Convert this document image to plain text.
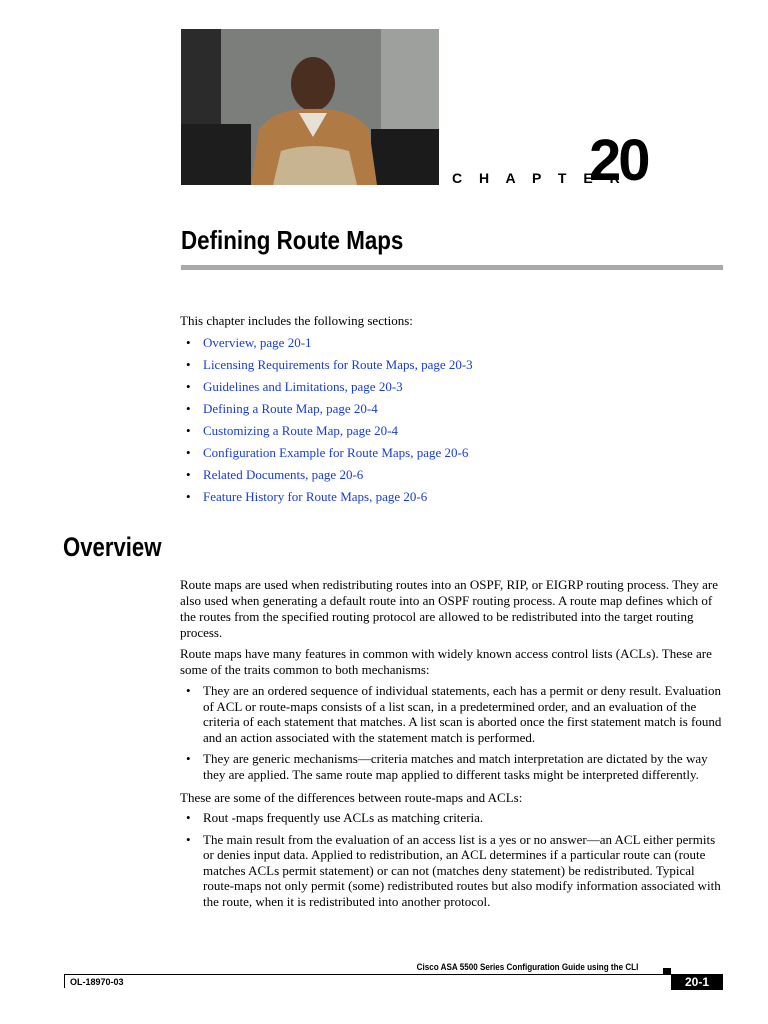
C H A P T E R
20
Defining Route Maps

This chapter includes the following sections:

• Overview, page 20-1
• Licensing Requirements for Route Maps, page 20-3
• Guidelines and Limitations, page 20-3
• Defining a Route Map, page 20-4
• Customizing a Route Map, page 20-4
• Configuration Example for Route Maps, page 20-6
• Related Documents, page 20-6
• Feature History for Route Maps, page 20-6
Overview

Route maps are used when redistributing routes into an OSPF, RIP, or EIGRP routing process. They are also used when generating a default route into an OSPF routing process. A route map defines which of the routes from the specified routing protocol are allowed to be redistributed into the target routing process.

Route maps have many features in common with widely known access control lists (ACLs). These are some of the traits common to both mechanisms:

• They are an ordered sequence of individual statements, each has a permit or deny result. Evaluation of ACL or route-maps consists of a list scan, in a predetermined order, and an evaluation of the criteria of each statement that matches. A list scan is aborted once the first statement match is found and an action associated with the statement match is performed.
• They are generic mechanisms—criteria matches and match interpretation are dictated by the way they are applied. The same route map applied to different tasks might be interpreted differently.

These are some of the differences between route-maps and ACLs:

• Rout -maps frequently use ACLs as matching criteria.
• The main result from the evaluation of an access list is a yes or no answer—an ACL either permits or denies input data. Applied to redistribution, an ACL determines if a particular route can (route matches ACLs permit statement) or can not (matches deny statement) be redistributed. Typical route-maps not only permit (some) redistributed routes but also modify information associated with the route, when it is redistributed into another protocol.
Cisco ASA 5500 Series Configuration Guide using the CLI
OL-18970-03	20-1
